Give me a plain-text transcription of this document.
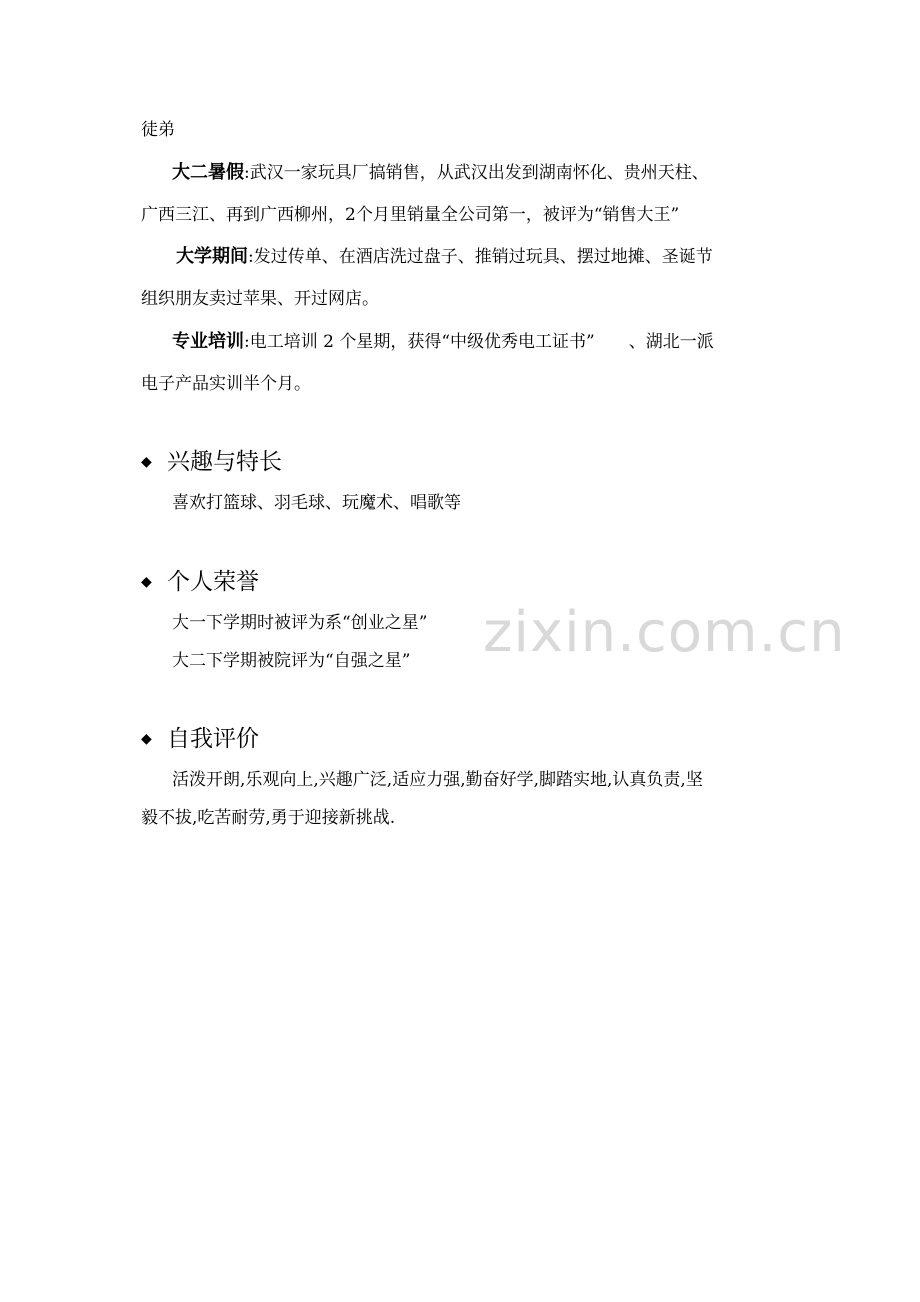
zixin.com.cn
徒弟
大二暑假:武汉一家玩具厂搞销售，从武汉出发到湖南怀化、贵州天柱、
广西三江、再到广西柳州，2个月里销量全公司第一，被评为“销售大王”
大学期间:发过传单、在酒店洗过盘子、推销过玩具、摆过地摊、圣诞节
组织朋友卖过苹果、开过网店。
专业培训:电工培训 2 个星期，获得“中级优秀电工证书”　　、湖北一派
电子产品实训半个月。
◆ 兴趣与特长
喜欢打篮球、羽毛球、玩魔术、唱歌等
◆ 个人荣誉
大一下学期时被评为系“创业之星”
大二下学期被院评为“自强之星”
◆ 自我评价
活泼开朗,乐观向上,兴趣广泛,适应力强,勤奋好学,脚踏实地,认真负责,坚
毅不拔,吃苦耐劳,勇于迎接新挑战.
